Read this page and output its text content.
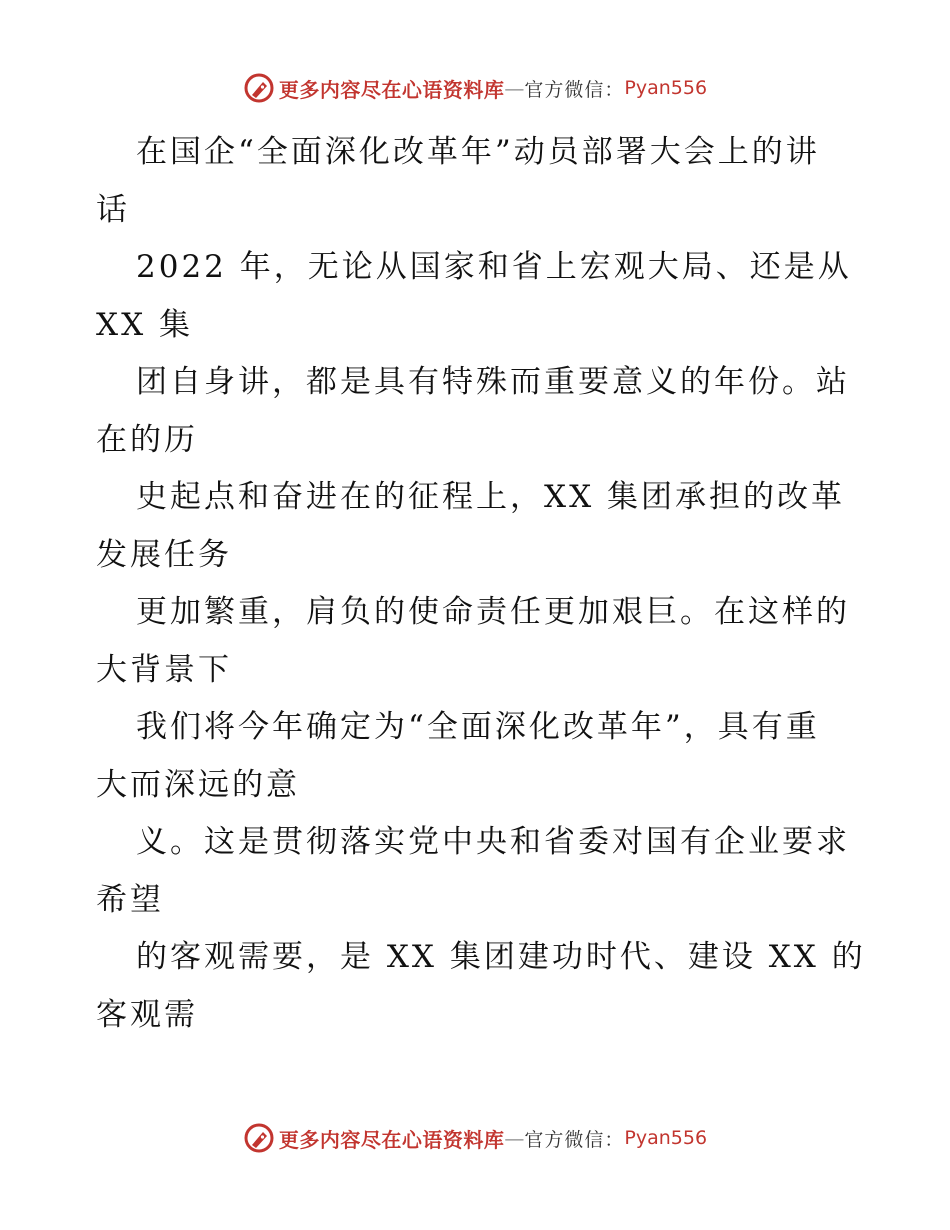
更多内容尽在心语资料库 — 官方微信： Pyan556
在国企“全面深化改革年”动员部署大会上的讲
话
2022 年，无论从国家和省上宏观大局、还是从
XX 集
团自身讲，都是具有特殊而重要意义的年份。站
在的历
史起点和奋进在的征程上，XX 集团承担的改革
发展任务
更加繁重，肩负的使命责任更加艰巨。在这样的
大背景下
我们将今年确定为“全面深化改革年”，具有重
大而深远的意
义。这是贯彻落实党中央和省委对国有企业要求
希望
的客观需要，是 XX 集团建功时代、建设 XX 的
客观需
更多内容尽在心语资料库 — 官方微信： Pyan556
